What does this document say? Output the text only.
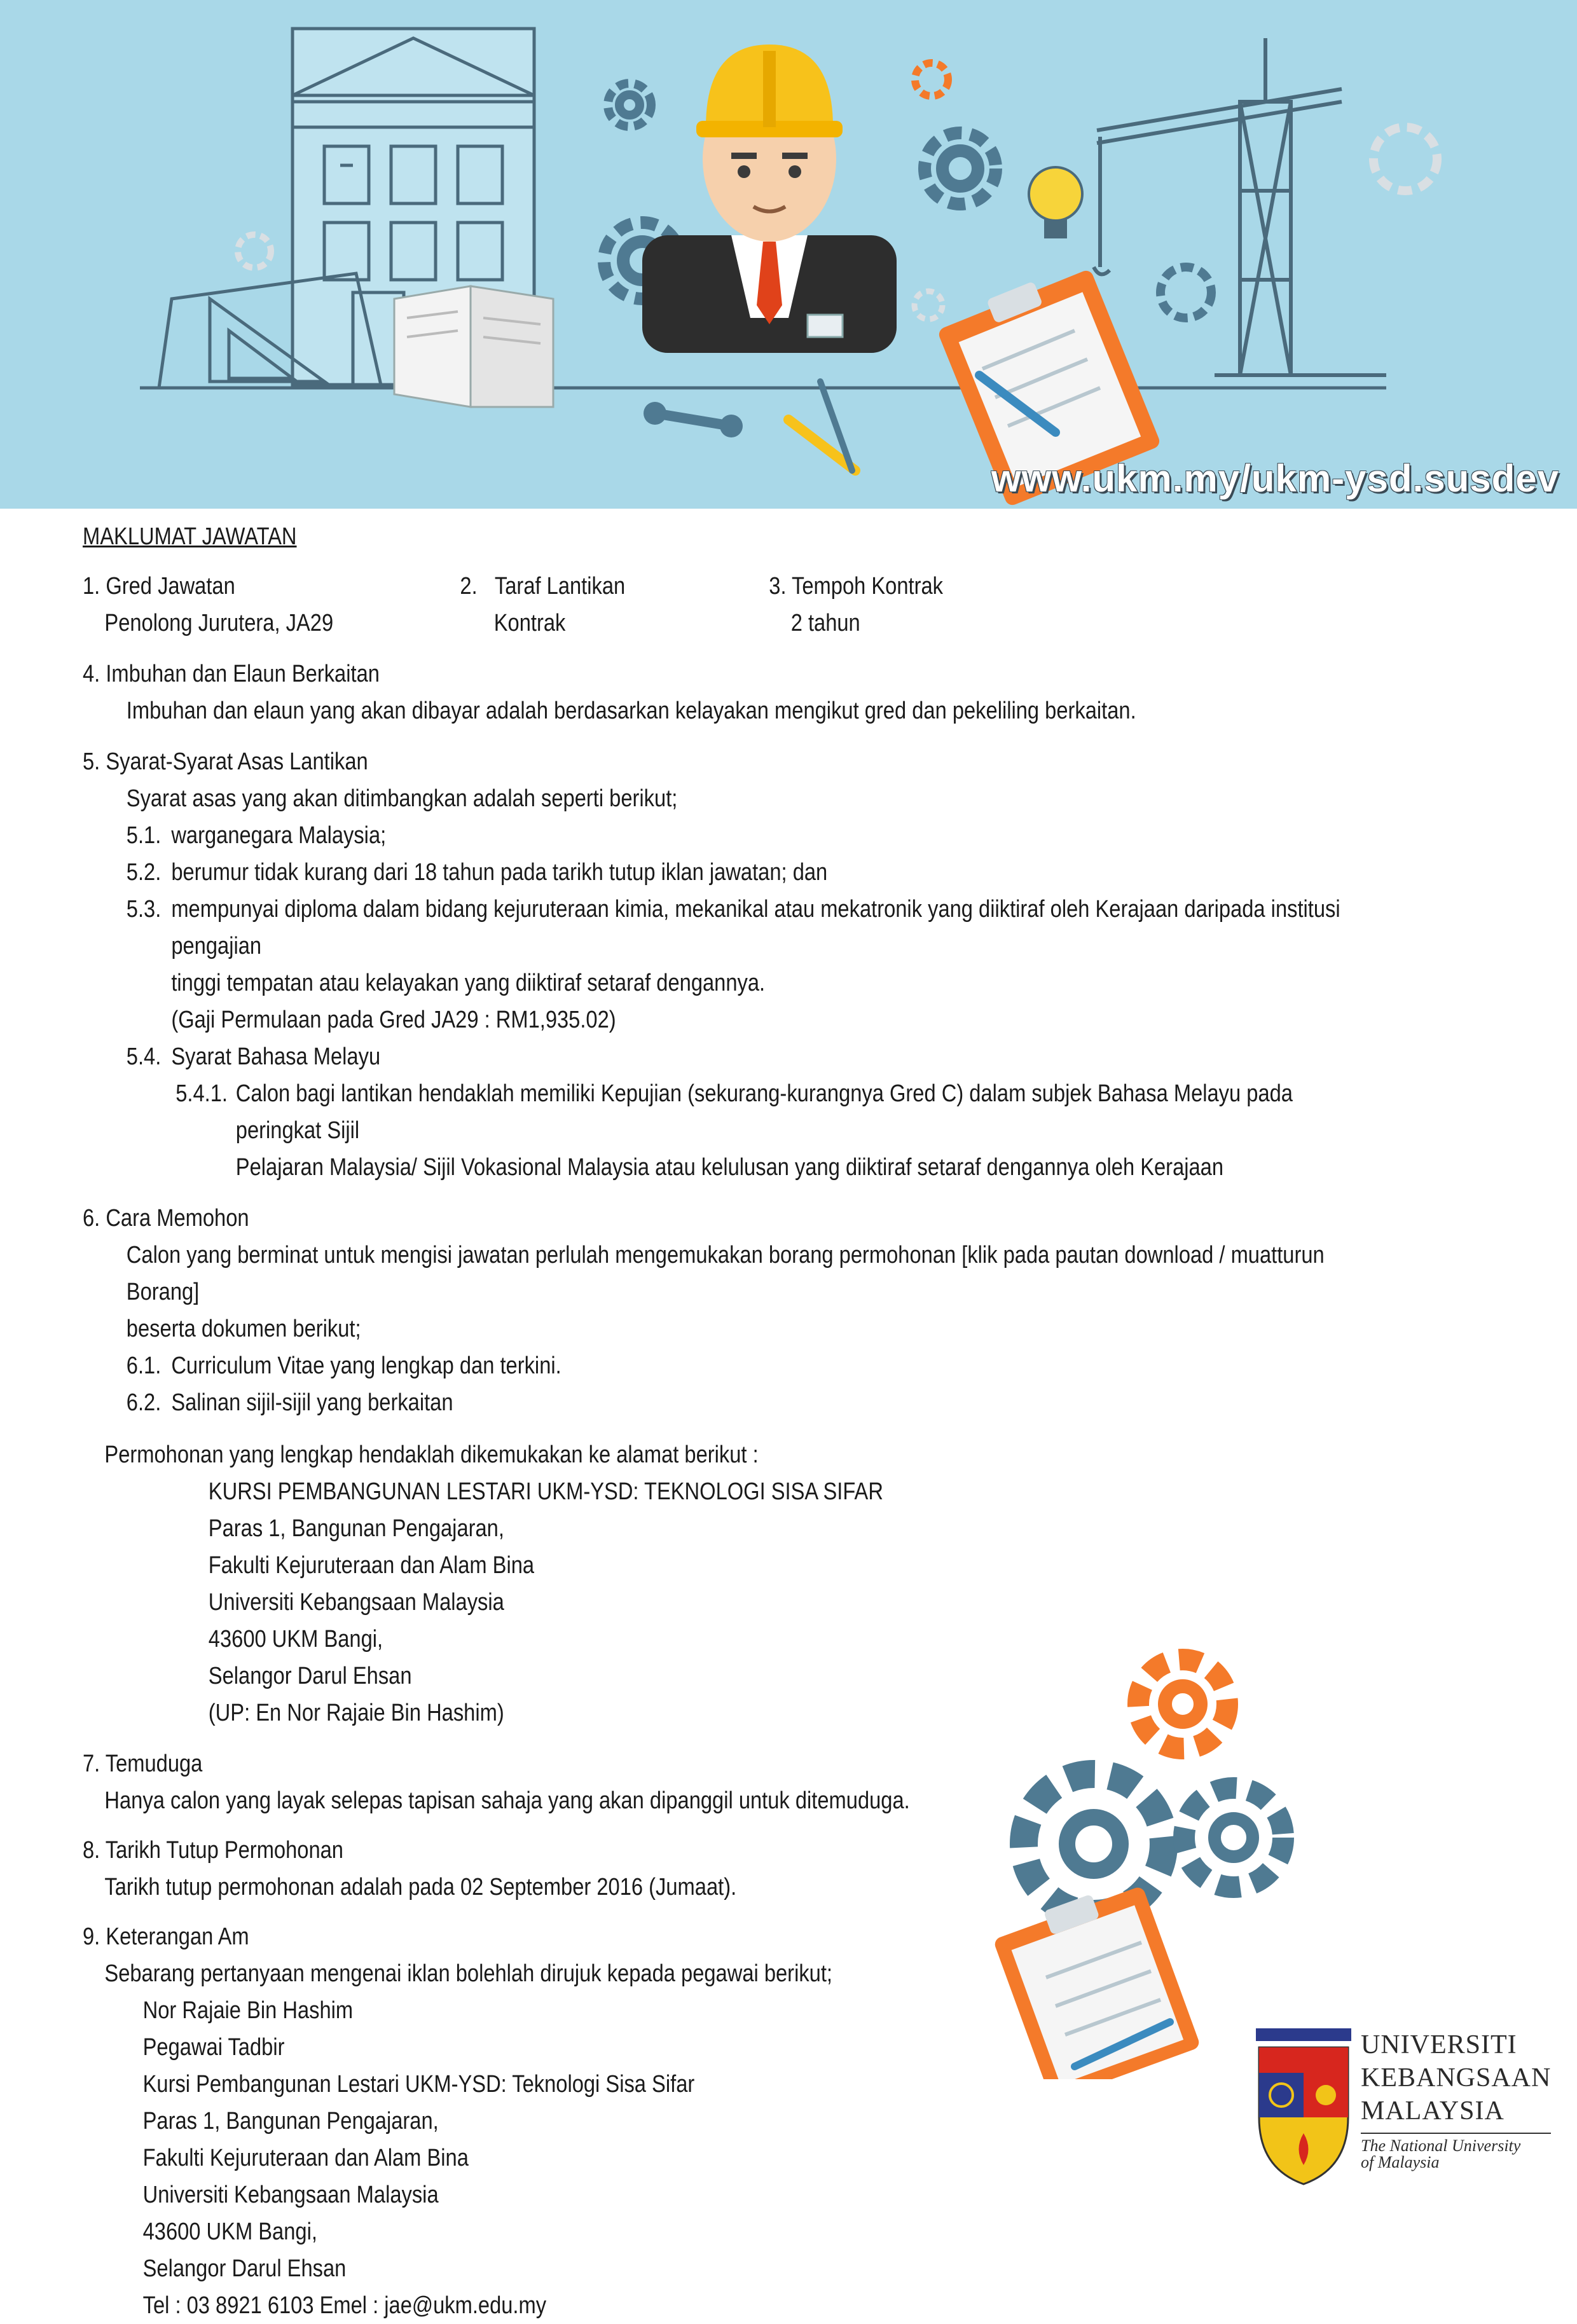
www.ukm.my/ukm-ysd.susdev

MAKLUMAT JAWATAN

1. Gred Jawatan

Penolong Jurutera, JA29

2. Taraf Lantikan

Kontrak

3. Tempoh Kontrak

2 tahun

4. Imbuhan dan Elaun Berkaitan

Imbuhan dan elaun yang akan dibayar adalah berdasarkan kelayakan mengikut gred dan pekeliling berkaitan.

5. Syarat-Syarat Asas Lantikan

Syarat asas yang akan ditimbangkan adalah seperti berikut;

5.1. warganegara Malaysia;
5.2. berumur tidak kurang dari 18 tahun pada tarikh tutup iklan jawatan; dan
5.3. mempunyai diploma dalam bidang kejuruteraan kimia, mekanikal atau mekatronik yang diiktiraf oleh Kerajaan daripada institusi pengajian

tinggi tempatan atau kelayakan yang diiktiraf setaraf dengannya.

(Gaji Permulaan pada Gred JA29 : RM1,935.02)

5.4. Syarat Bahasa Melayu
5.4.1. Calon bagi lantikan hendaklah memiliki Kepujian (sekurang-kurangnya Gred C) dalam subjek Bahasa Melayu pada peringkat Sijil

Pelajaran Malaysia/ Sijil Vokasional Malaysia atau kelulusan yang diiktiraf setaraf dengannya oleh Kerajaan

6. Cara Memohon

Calon yang berminat untuk mengisi jawatan perlulah mengemukakan borang permohonan [klik pada pautan download / muatturun Borang]

beserta dokumen berikut;

6.1. Curriculum Vitae yang lengkap dan terkini.
6.2. Salinan sijil-sijil yang berkaitan

Permohonan yang lengkap hendaklah dikemukakan ke alamat berikut :

KURSI PEMBANGUNAN LESTARI UKM-YSD: TEKNOLOGI SISA SIFAR

Paras 1, Bangunan Pengajaran,

Fakulti Kejuruteraan dan Alam Bina

Universiti Kebangsaan Malaysia

43600 UKM Bangi,

Selangor Darul Ehsan

(UP: En Nor Rajaie Bin Hashim)

7. Temuduga

Hanya calon yang layak selepas tapisan sahaja yang akan dipanggil untuk ditemuduga.

8. Tarikh Tutup Permohonan

Tarikh tutup permohonan adalah pada 02 September 2016 (Jumaat).

9. Keterangan Am

Sebarang pertanyaan mengenai iklan bolehlah dirujuk kepada pegawai berikut;

Nor Rajaie Bin Hashim

Pegawai Tadbir

Kursi Pembangunan Lestari UKM-YSD: Teknologi Sisa Sifar

Paras 1, Bangunan Pengajaran,

Fakulti Kejuruteraan dan Alam Bina

Universiti Kebangsaan Malaysia

43600 UKM Bangi,

Selangor Darul Ehsan

Tel : 03 8921 6103 Emel : jae@ukm.edu.my

UNIVERSITI
KEBANGSAAN
MALAYSIA
The National University
of Malaysia
